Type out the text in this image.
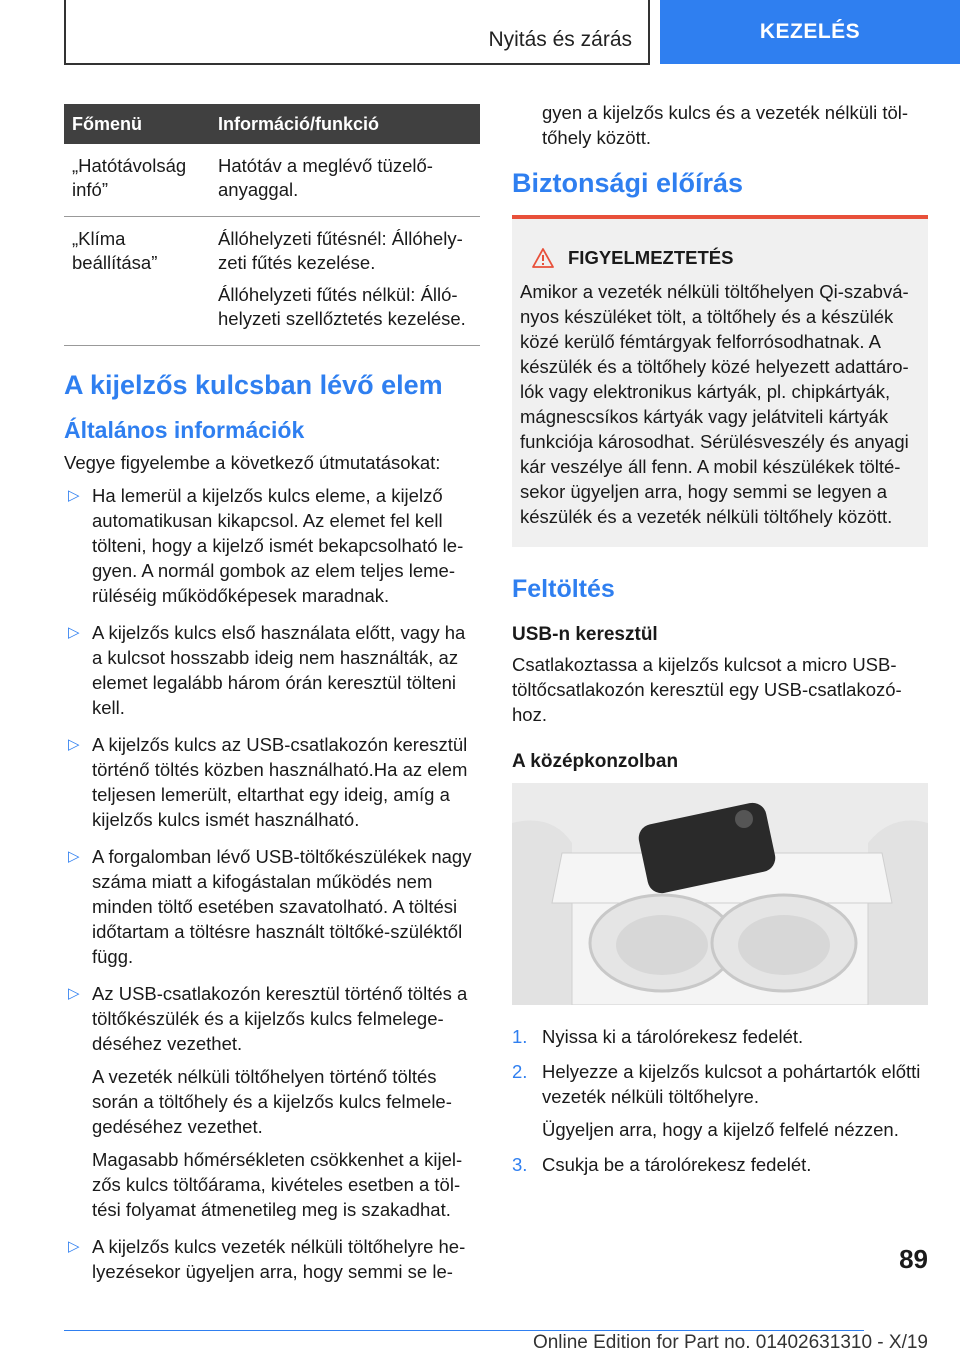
Nyitás és zárás	KEZELÉS
Főmenü	Információ/funkció
„Hatótávolság infó”	Hatótáv a meglévő tüzelő-anyaggal.

„Klíma beállítása”	Állóhelyzeti fűtésnél: Állóhely-zeti fűtés kezelése.

Állóhelyzeti fűtés nélkül: Álló-helyzeti szellőztetés kezelése.

A kijelzős kulcsban lévő elem
Általános információk

Vegye figyelembe a következő útmutatásokat:

▷ Ha lemerül a kijelzős kulcs eleme, a kijelző automatikusan kikapcsol. Az elemet fel kell tölteni, hogy a kijelző ismét bekapcsolható le-gyen. A normál gombok az elem teljes leme-rüléséig működőképesek maradnak.

▷ A kijelzős kulcs első használata előtt, vagy ha a kulcsot hosszabb ideig nem használták, az elemet legalább három órán keresztül tölteni kell.

▷ A kijelzős kulcs az USB-csatlakozón keresztül történő töltés közben használható.Ha az elem teljesen lemerült, eltarthat egy ideig, amíg a kijelzős kulcs ismét használható.

▷ A forgalomban lévő USB-töltőkészülékek nagy száma miatt a kifogástalan működés nem minden töltő esetében szavatolható. A töltési időtartam a töltésre használt töltőké-szüléktől függ.

▷ Az USB-csatlakozón keresztül történő töltés a töltőkészülék és a kijelzős kulcs felmelege-déséhez vezethet.

A vezeték nélküli töltőhelyen történő töltés során a töltőhely és a kijelzős kulcs felmele-gedéséhez vezethet.

Magasabb hőmérsékleten csökkenhet a kijel-zős kulcs töltőárama, kivételes esetben a töl-tési folyamat átmenetileg meg is szakadhat.

▷ A kijelzős kulcs vezeték nélküli töltőhelyre he-lyezésekor ügyeljen arra, hogy semmi se le-

gyen a kijelzős kulcs és a vezeték nélküli töl-tőhely között.

Biztonsági előírás
FIGYELMEZTETÉS

Amikor a vezeték nélküli töltőhelyen Qi-szabvá-nyos készüléket tölt, a töltőhely és a készülék közé kerülő fémtárgyak felforrósodhatnak. A készülék és a töltőhely közé helyezett adattáro-lók vagy elektronikus kártyák, pl. chipkártyák, mágnescsíkos kártyák vagy jelátviteli kártyák funkciója károsodhat. Sérülésveszély és anyagi kár veszélye áll fenn. A mobil készülékek tölté-sekor ügyeljen arra, hogy semmi se legyen a készülék és a vezeték nélküli töltőhely között.

Feltöltés
USB-n keresztül

Csatlakoztassa a kijelzős kulcsot a micro USB-töltőcsatlakozón keresztül egy USB-csatlakozó-hoz.

A középkonzolban
1. Nyissa ki a tárolórekesz fedelét.

2. Helyezze a kijelzős kulcsot a pohártartók előtti vezeték nélküli töltőhelyre.

Ügyeljen arra, hogy a kijelző felfelé nézzen.

3. Csukja be a tárolórekesz fedelét.

89
Online Edition for Part no. 01402631310 - X/19
